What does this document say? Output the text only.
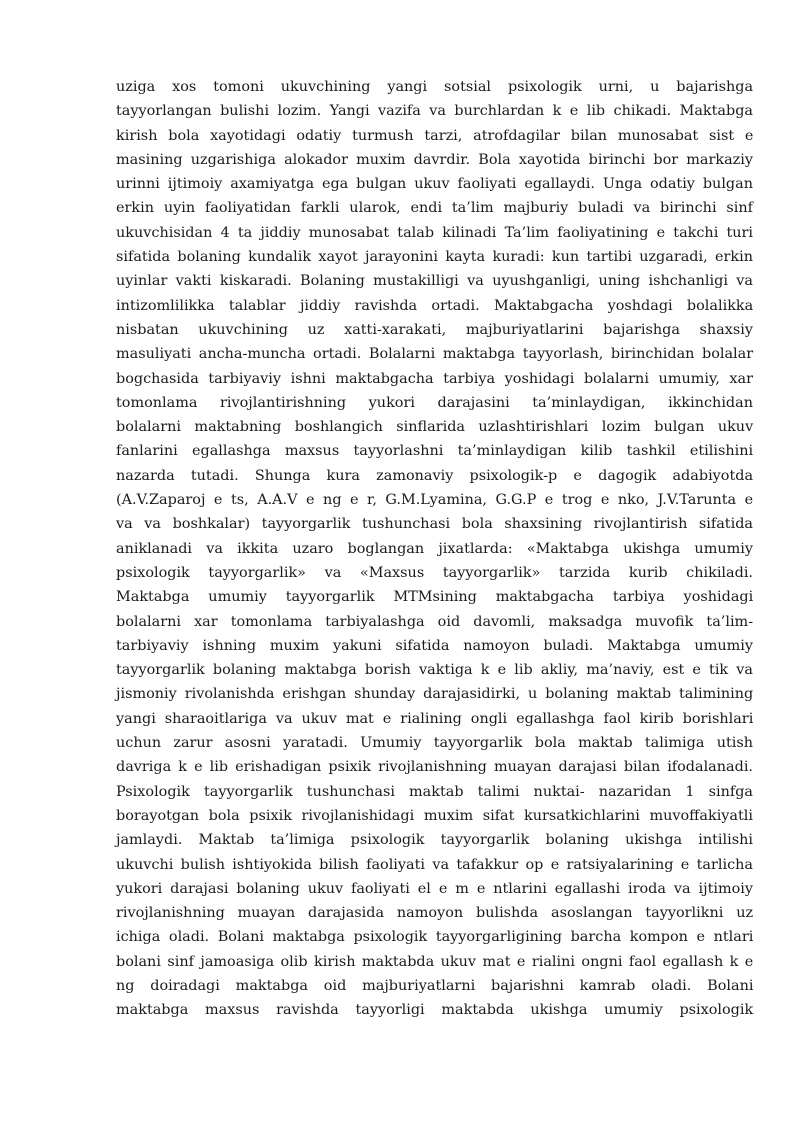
uziga xos tomoni ukuvchining yangi sotsial psixologik urni, u bajarishga
tayyorlangan bulishi lozim. Yangi vazifa va burchlardan k e lib chikadi. Maktabga
kirish bola xayotidagi odatiy turmush tarzi, atrofdagilar bilan munosabat sist e
masining uzgarishiga alokador muxim davrdir. Bola xayotida birinchi bor markaziy
urinni ijtimoiy axamiyatga ega bulgan ukuv faoliyati egallaydi. Unga odatiy bulgan
erkin uyin faoliyatidan farkli ularok, endi ta’lim majburiy buladi va birinchi sinf
ukuvchisidan 4 ta jiddiy munosabat talab kilinadi Ta’lim faoliyatining e takchi turi
sifatida bolaning kundalik xayot jarayonini kayta kuradi: kun tartibi uzgaradi, erkin
uyinlar vakti kiskaradi. Bolaning mustakilligi va uyushganligi, uning ishchanligi va
intizomlilikka talablar jiddiy ravishda ortadi. Maktabgacha yoshdagi bolalikka
nisbatan ukuvchining uz xatti-xarakati, majburiyatlarini bajarishga shaxsiy
masuliyati ancha-muncha ortadi. Bolalarni maktabga tayyorlash, birinchidan bolalar
bogchasida tarbiyaviy ishni maktabgacha tarbiya yoshidagi bolalarni umumiy, xar
tomonlama rivojlantirishning yukori darajasini ta’minlaydigan, ikkinchidan
bolalarni maktabning boshlangich sinflarida uzlashtirishlari lozim bulgan ukuv
fanlarini egallashga maxsus tayyorlashni ta’minlaydigan kilib tashkil etilishini
nazarda tutadi. Shunga kura zamonaviy psixologik-p e dagogik adabiyotda
(A.V.Zaparoj e ts, A.A.V e ng e r, G.M.Lyamina, G.G.P e trog e nko, J.V.Tarunta e
va va boshkalar) tayyorgarlik tushunchasi bola shaxsining rivojlantirish sifatida
aniklanadi va ikkita uzaro boglangan jixatlarda: «Maktabga ukishga umumiy
psixologik tayyorgarlik» va «Maxsus tayyorgarlik» tarzida kurib chikiladi.
Maktabga umumiy tayyorgarlik MTMsining maktabgacha tarbiya yoshidagi
bolalarni xar tomonlama tarbiyalashga oid davomli, maksadga muvofik ta’lim-
tarbiyaviy ishning muxim yakuni sifatida namoyon buladi. Maktabga umumiy
tayyorgarlik bolaning maktabga borish vaktiga k e lib akliy, ma’naviy, est e tik va
jismoniy rivolanishda erishgan shunday darajasidirki, u bolaning maktab talimining
yangi sharaoitlariga va ukuv mat e rialining ongli egallashga faol kirib borishlari
uchun zarur asosni yaratadi. Umumiy tayyorgarlik bola maktab talimiga utish
davriga k e lib erishadigan psixik rivojlanishning muayan darajasi bilan ifodalanadi.
Psixologik tayyorgarlik tushunchasi maktab talimi nuktai- nazaridan 1 sinfga
borayotgan bola psixik rivojlanishidagi muxim sifat kursatkichlarini muvoffakiyatli
jamlaydi. Maktab ta’limiga psixologik tayyorgarlik bolaning ukishga intilishi
ukuvchi bulish ishtiyokida bilish faoliyati va tafakkur op e ratsiyalarining e tarlicha
yukori darajasi bolaning ukuv faoliyati el e m e ntlarini egallashi iroda va ijtimoiy
rivojlanishning muayan darajasida namoyon bulishda asoslangan tayyorlikni uz
ichiga oladi. Bolani maktabga psixologik tayyorgarligining barcha kompon e ntlari
bolani sinf jamoasiga olib kirish maktabda ukuv mat e rialini ongni faol egallash k e
ng doiradagi maktabga oid majburiyatlarni bajarishni kamrab oladi. Bolani
maktabga maxsus ravishda tayyorligi maktabda ukishga umumiy psixologik
